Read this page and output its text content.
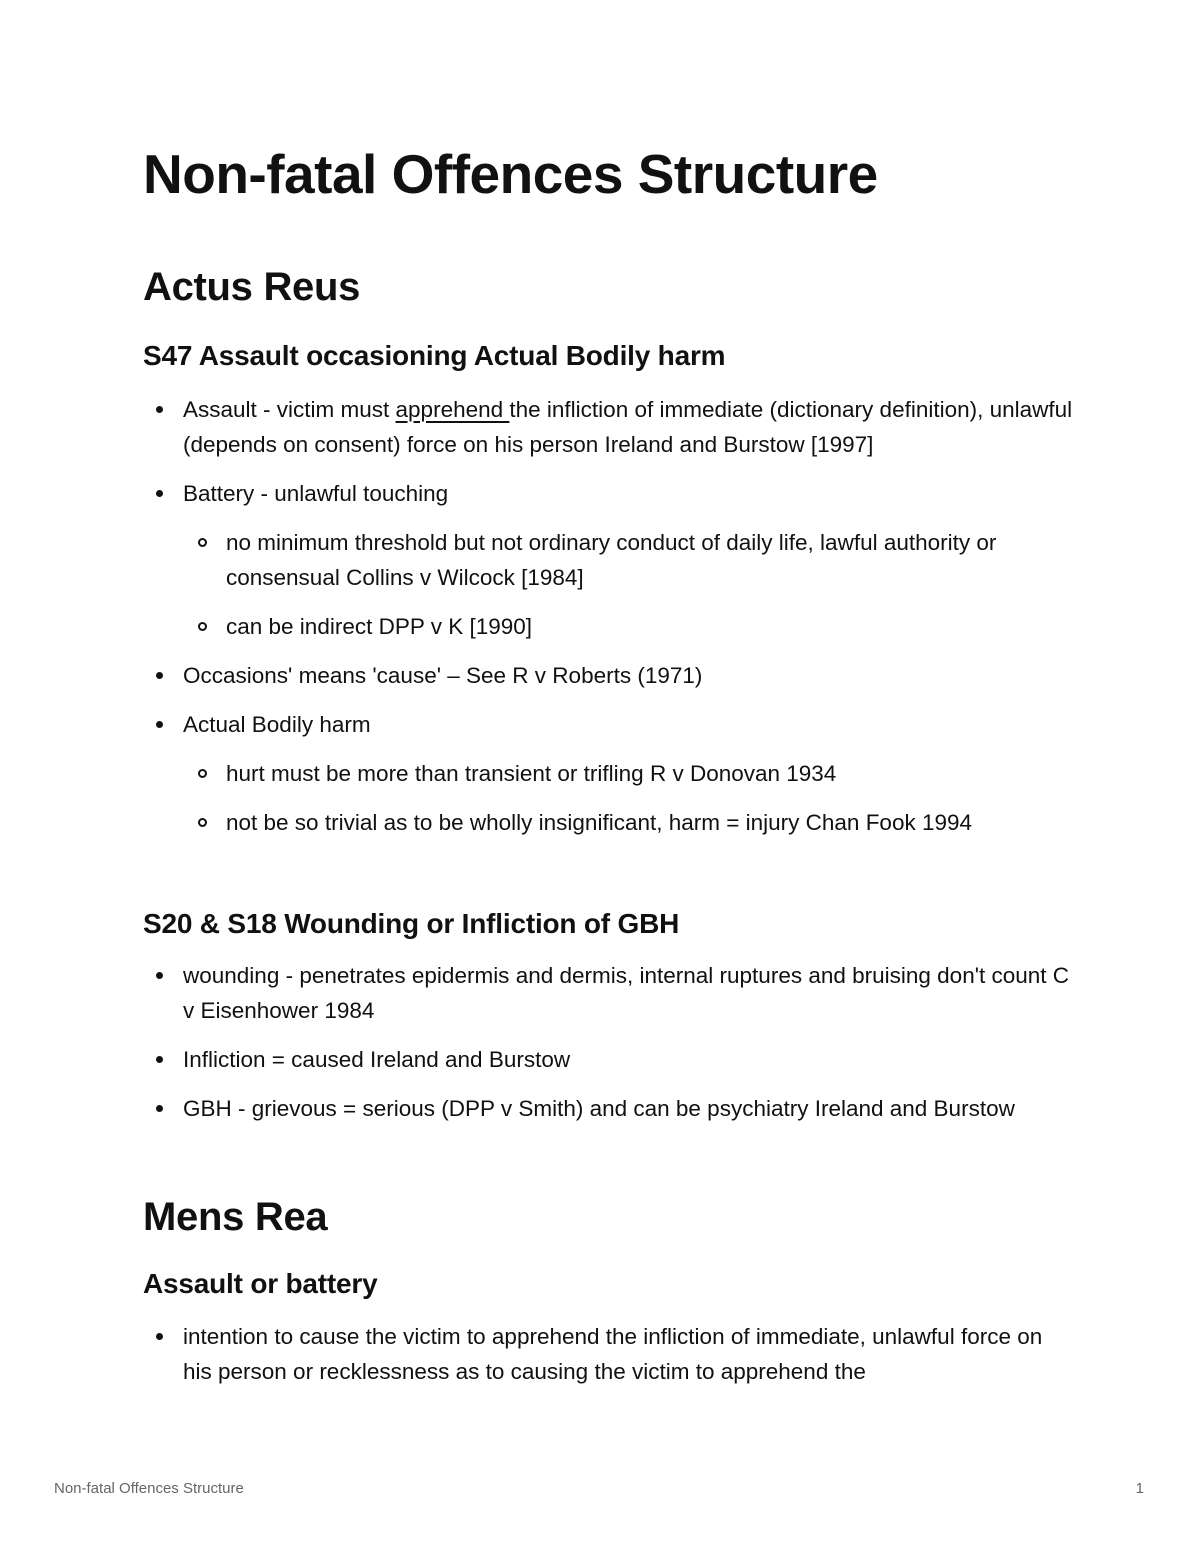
Non-fatal Offences Structure
Actus Reus
S47 Assault occasioning Actual Bodily harm
Assault - victim must apprehend the infliction of immediate (dictionary definition), unlawful (depends on consent) force on his person Ireland and Burstow [1997]
Battery - unlawful touching
no minimum threshold but not ordinary conduct of daily life, lawful authority or consensual Collins v Wilcock [1984]
can be indirect DPP v K [1990]
Occasions' means 'cause' – See R v Roberts (1971)
Actual Bodily harm
hurt must be more than transient or trifling R v Donovan 1934
not be so trivial as to be wholly insignificant, harm = injury Chan Fook 1994
S20 & S18 Wounding or Infliction of GBH
wounding - penetrates epidermis and dermis, internal ruptures and bruising don't count C v Eisenhower 1984
Infliction = caused Ireland and Burstow
GBH - grievous = serious (DPP v Smith) and can be psychiatry Ireland and Burstow
Mens Rea
Assault or battery
intention to cause the victim to apprehend the infliction of immediate, unlawful force on his person or recklessness as to causing the victim to apprehend the
Non-fatal Offences Structure	1
